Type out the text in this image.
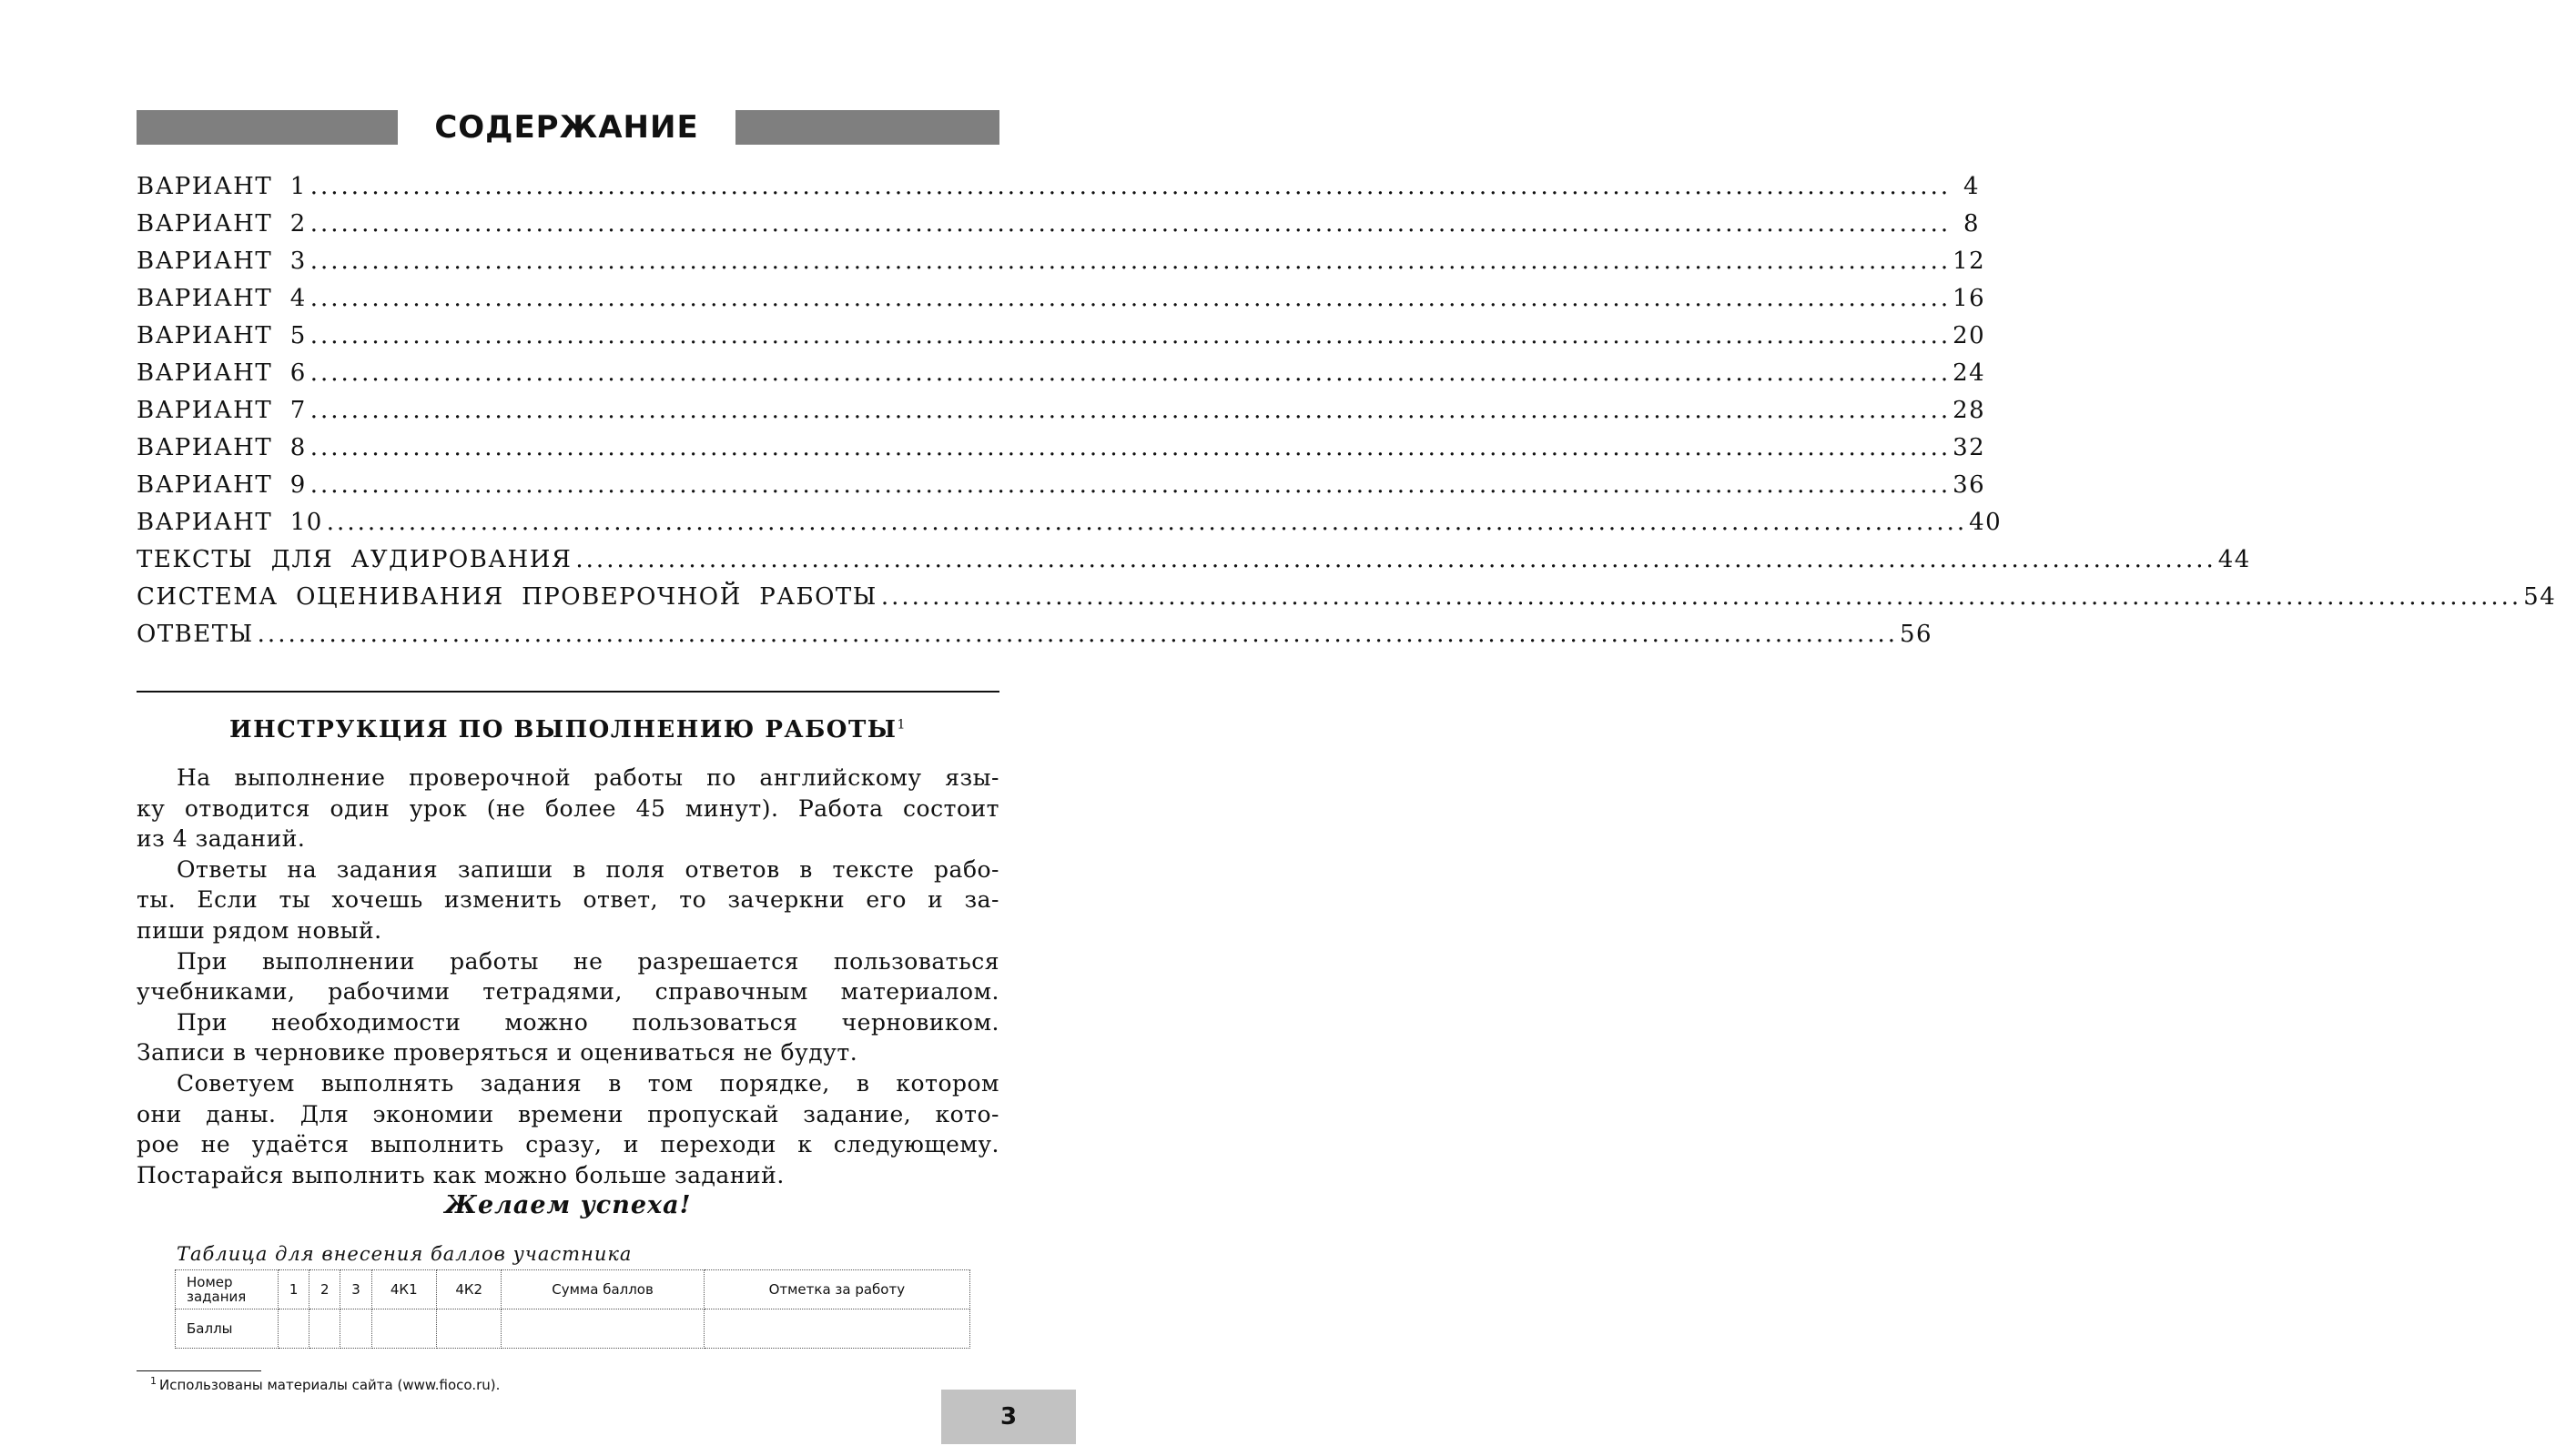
СОДЕРЖАНИЕ
ВАРИАНТ  1 ................................................................................................................................................................ 4
ВАРИАНТ  2 ................................................................................................................................................................ 8
ВАРИАНТ  3 ................................................................................................................................................................ 12
ВАРИАНТ  4 ................................................................................................................................................................ 16
ВАРИАНТ  5 ................................................................................................................................................................ 20
ВАРИАНТ  6 ................................................................................................................................................................ 24
ВАРИАНТ  7 ................................................................................................................................................................ 28
ВАРИАНТ  8 ................................................................................................................................................................ 32
ВАРИАНТ  9 ................................................................................................................................................................ 36
ВАРИАНТ  10 ................................................................................................................................................................ 40
ТЕКСТЫ  ДЛЯ  АУДИРОВАНИЯ ................................................................................................................................................................ 44
СИСТЕМА  ОЦЕНИВАНИЯ  ПРОВЕРОЧНОЙ  РАБОТЫ ................................................................................................................................................................ 54
ОТВЕТЫ ................................................................................................................................................................ 56
ИНСТРУКЦИЯ ПО ВЫПОЛНЕНИЮ РАБОТЫ$^1$
На выполнение проверочной работы по английскому язы-
ку отводится один урок (не более 45 минут). Работа состоит
из 4 заданий.
Ответы на задания запиши в поля ответов в тексте рабо-
ты. Если ты хочешь изменить ответ, то зачеркни его и за-
пиши рядом новый.
При выполнении работы не разрешается пользоваться
учебниками, рабочими тетрадями, справочным материалом.
При необходимости можно пользоваться черновиком.
Записи в черновике проверяться и оцениваться не будут.
Советуем выполнять задания в том порядке, в котором
они даны. Для экономии времени пропускай задание, кото-
рое не удаётся выполнить сразу, и переходи к следующему.
Постарайся выполнить как можно больше заданий.
Желаем успеха!
Таблица для внесения баллов участника
Номер задания	1	2	3	4К1	4К2	Сумма баллов	Отметка за работу
Баллы							
$^1$ Использованы материалы сайта (www.fioco.ru).
3
